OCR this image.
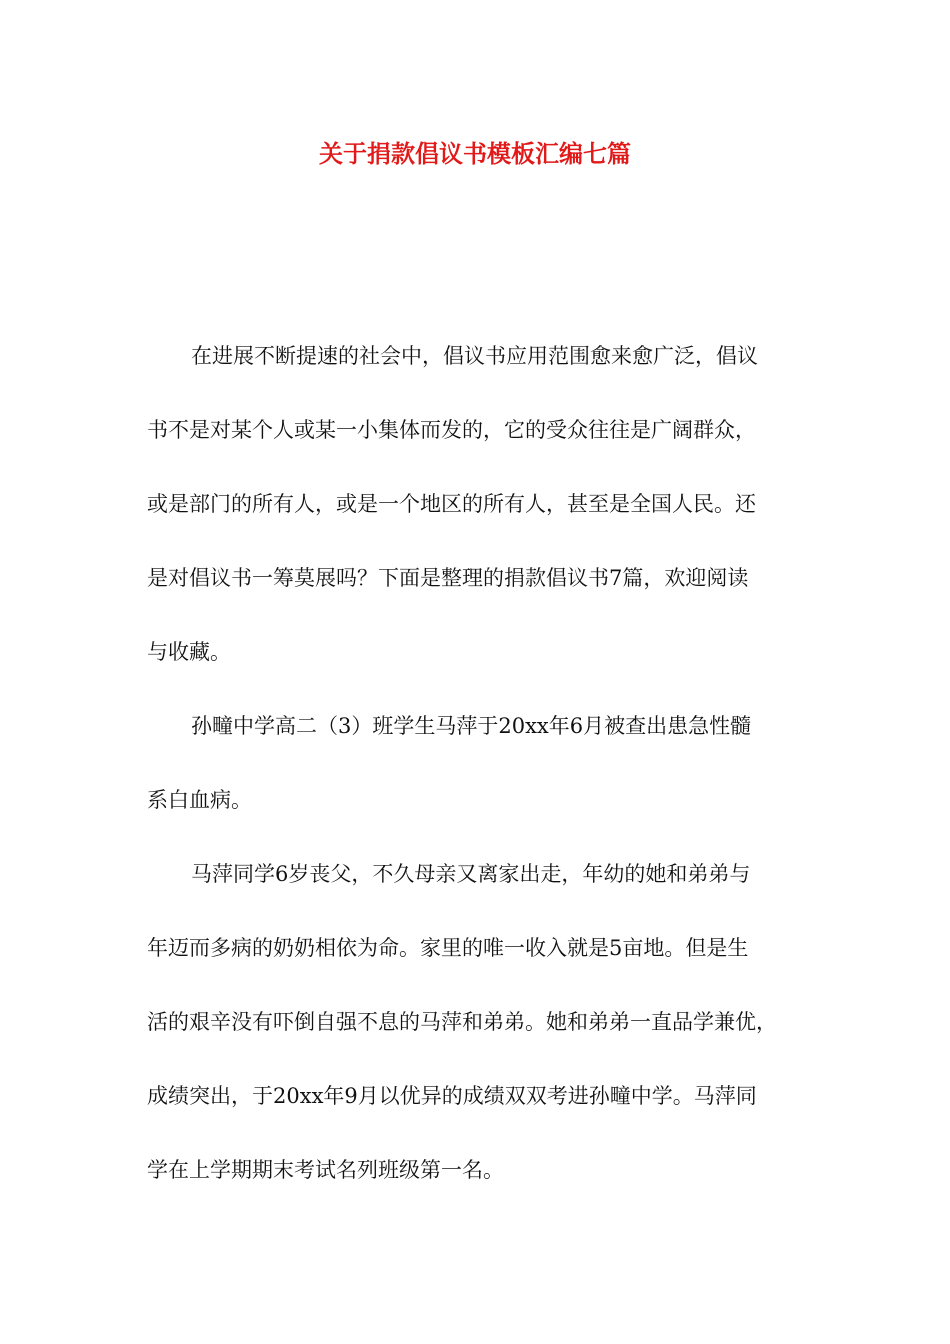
关于捐款倡议书模板汇编七篇

在进展不断提速的社会中，倡议书应用范围愈来愈广泛，倡议
书不是对某个人或某一小集体而发的，它的受众往往是广阔群众，
或是部门的所有人，或是一个地区的所有人，甚至是全国人民。还
是对倡议书一筹莫展吗？下面是整理的捐款倡议书7篇，欢迎阅读
与收藏。

孙疃中学高二（3）班学生马萍于20xx年6月被查出患急性髓
系白血病。

马萍同学6岁丧父，不久母亲又离家出走，年幼的她和弟弟与
年迈而多病的奶奶相依为命。家里的唯一收入就是5亩地。但是生
活的艰辛没有吓倒自强不息的马萍和弟弟。她和弟弟一直品学兼优，
成绩突出，于20xx年9月以优异的成绩双双考进孙疃中学。马萍同
学在上学期期末考试名列班级第一名。
